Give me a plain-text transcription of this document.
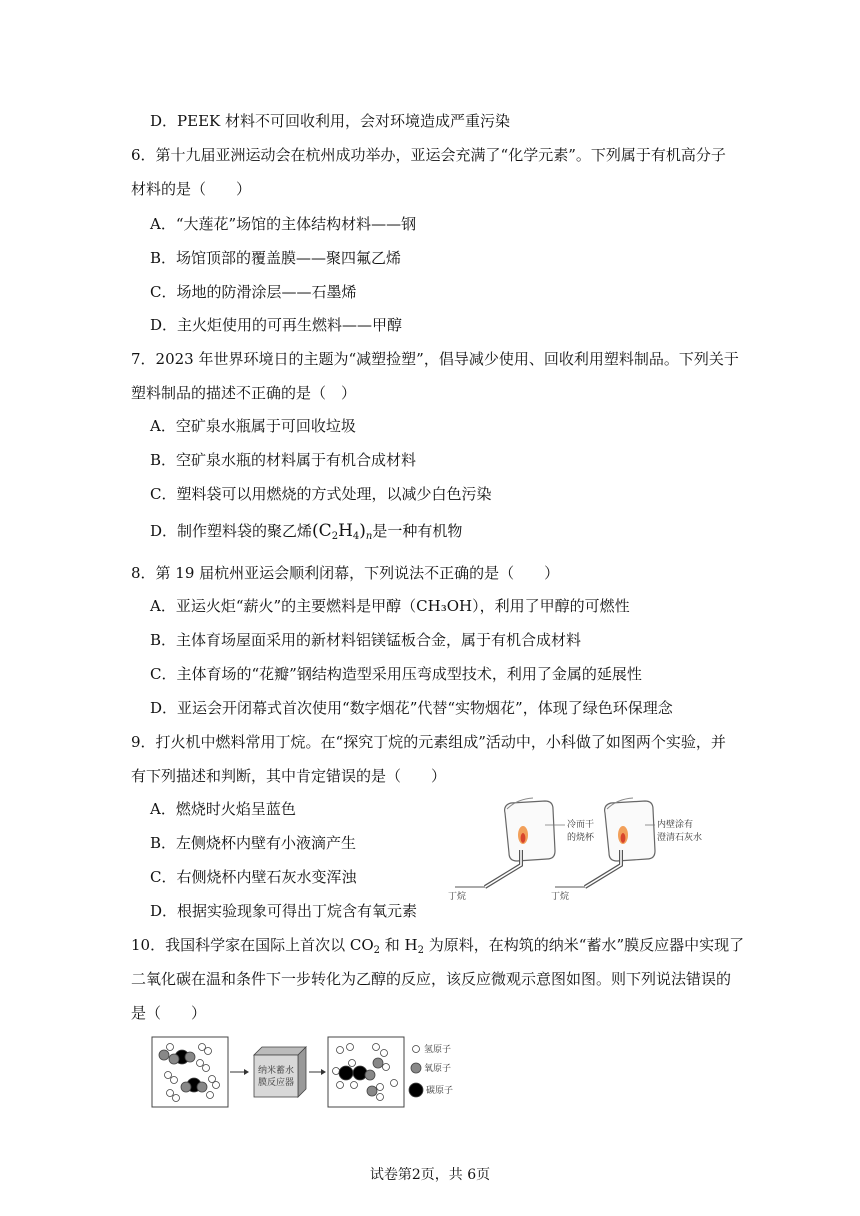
D．PEEK 材料不可回收利用，会对环境造成严重污染
6．第十九届亚洲运动会在杭州成功举办，亚运会充满了“化学元素”。下列属于有机高分子
材料的是（　　）
A．“大莲花”场馆的主体结构材料——钢
B．场馆顶部的覆盖膜——聚四氟乙烯
C．场地的防滑涂层——石墨烯
D．主火炬使用的可再生燃料——甲醇
7．2023 年世界环境日的主题为“减塑捡塑”，倡导减少使用、回收利用塑料制品。下列关于
塑料制品的描述不正确的是（　）
A．空矿泉水瓶属于可回收垃圾
B．空矿泉水瓶的材料属于有机合成材料
C．塑料袋可以用燃烧的方式处理，以减少白色污染
D．制作塑料袋的聚乙烯$(C_2H_4)_n$是一种有机物
8．第 19 届杭州亚运会顺利闭幕，下列说法不正确的是（　　）
A．亚运火炬“薪火”的主要燃料是甲醇（CH₃OH），利用了甲醇的可燃性
B．主体育场屋面采用的新材料铝镁锰板合金，属于有机合成材料
C．主体育场的“花瓣”钢结构造型采用压弯成型技术，利用了金属的延展性
D．亚运会开闭幕式首次使用“数字烟花”代替“实物烟花”，体现了绿色环保理念
9．打火机中燃料常用丁烷。在“探究丁烷的元素组成”活动中，小科做了如图两个实验，并
有下列描述和判断，其中肯定错误的是（　　）
A．燃烧时火焰呈蓝色
B．左侧烧杯内壁有小液滴产生
C．右侧烧杯内壁石灰水变浑浊
D．根据实验现象可得出丁烷含有氧元素
冷而干
的烧杯
丁烷
内壁涂有
澄清石灰水
丁烷
10．我国科学家在国际上首次以 $CO_2$ 和 $H_2$ 为原料，在构筑的纳米“蓄水”膜反应器中实现了
二氧化碳在温和条件下一步转化为乙醇的反应，该反应微观示意图如图。则下列说法错误的
是（　　）
纳米蓄水
膜反应器
氢原子
氧原子
碳原子
试卷第2页，共 6页
